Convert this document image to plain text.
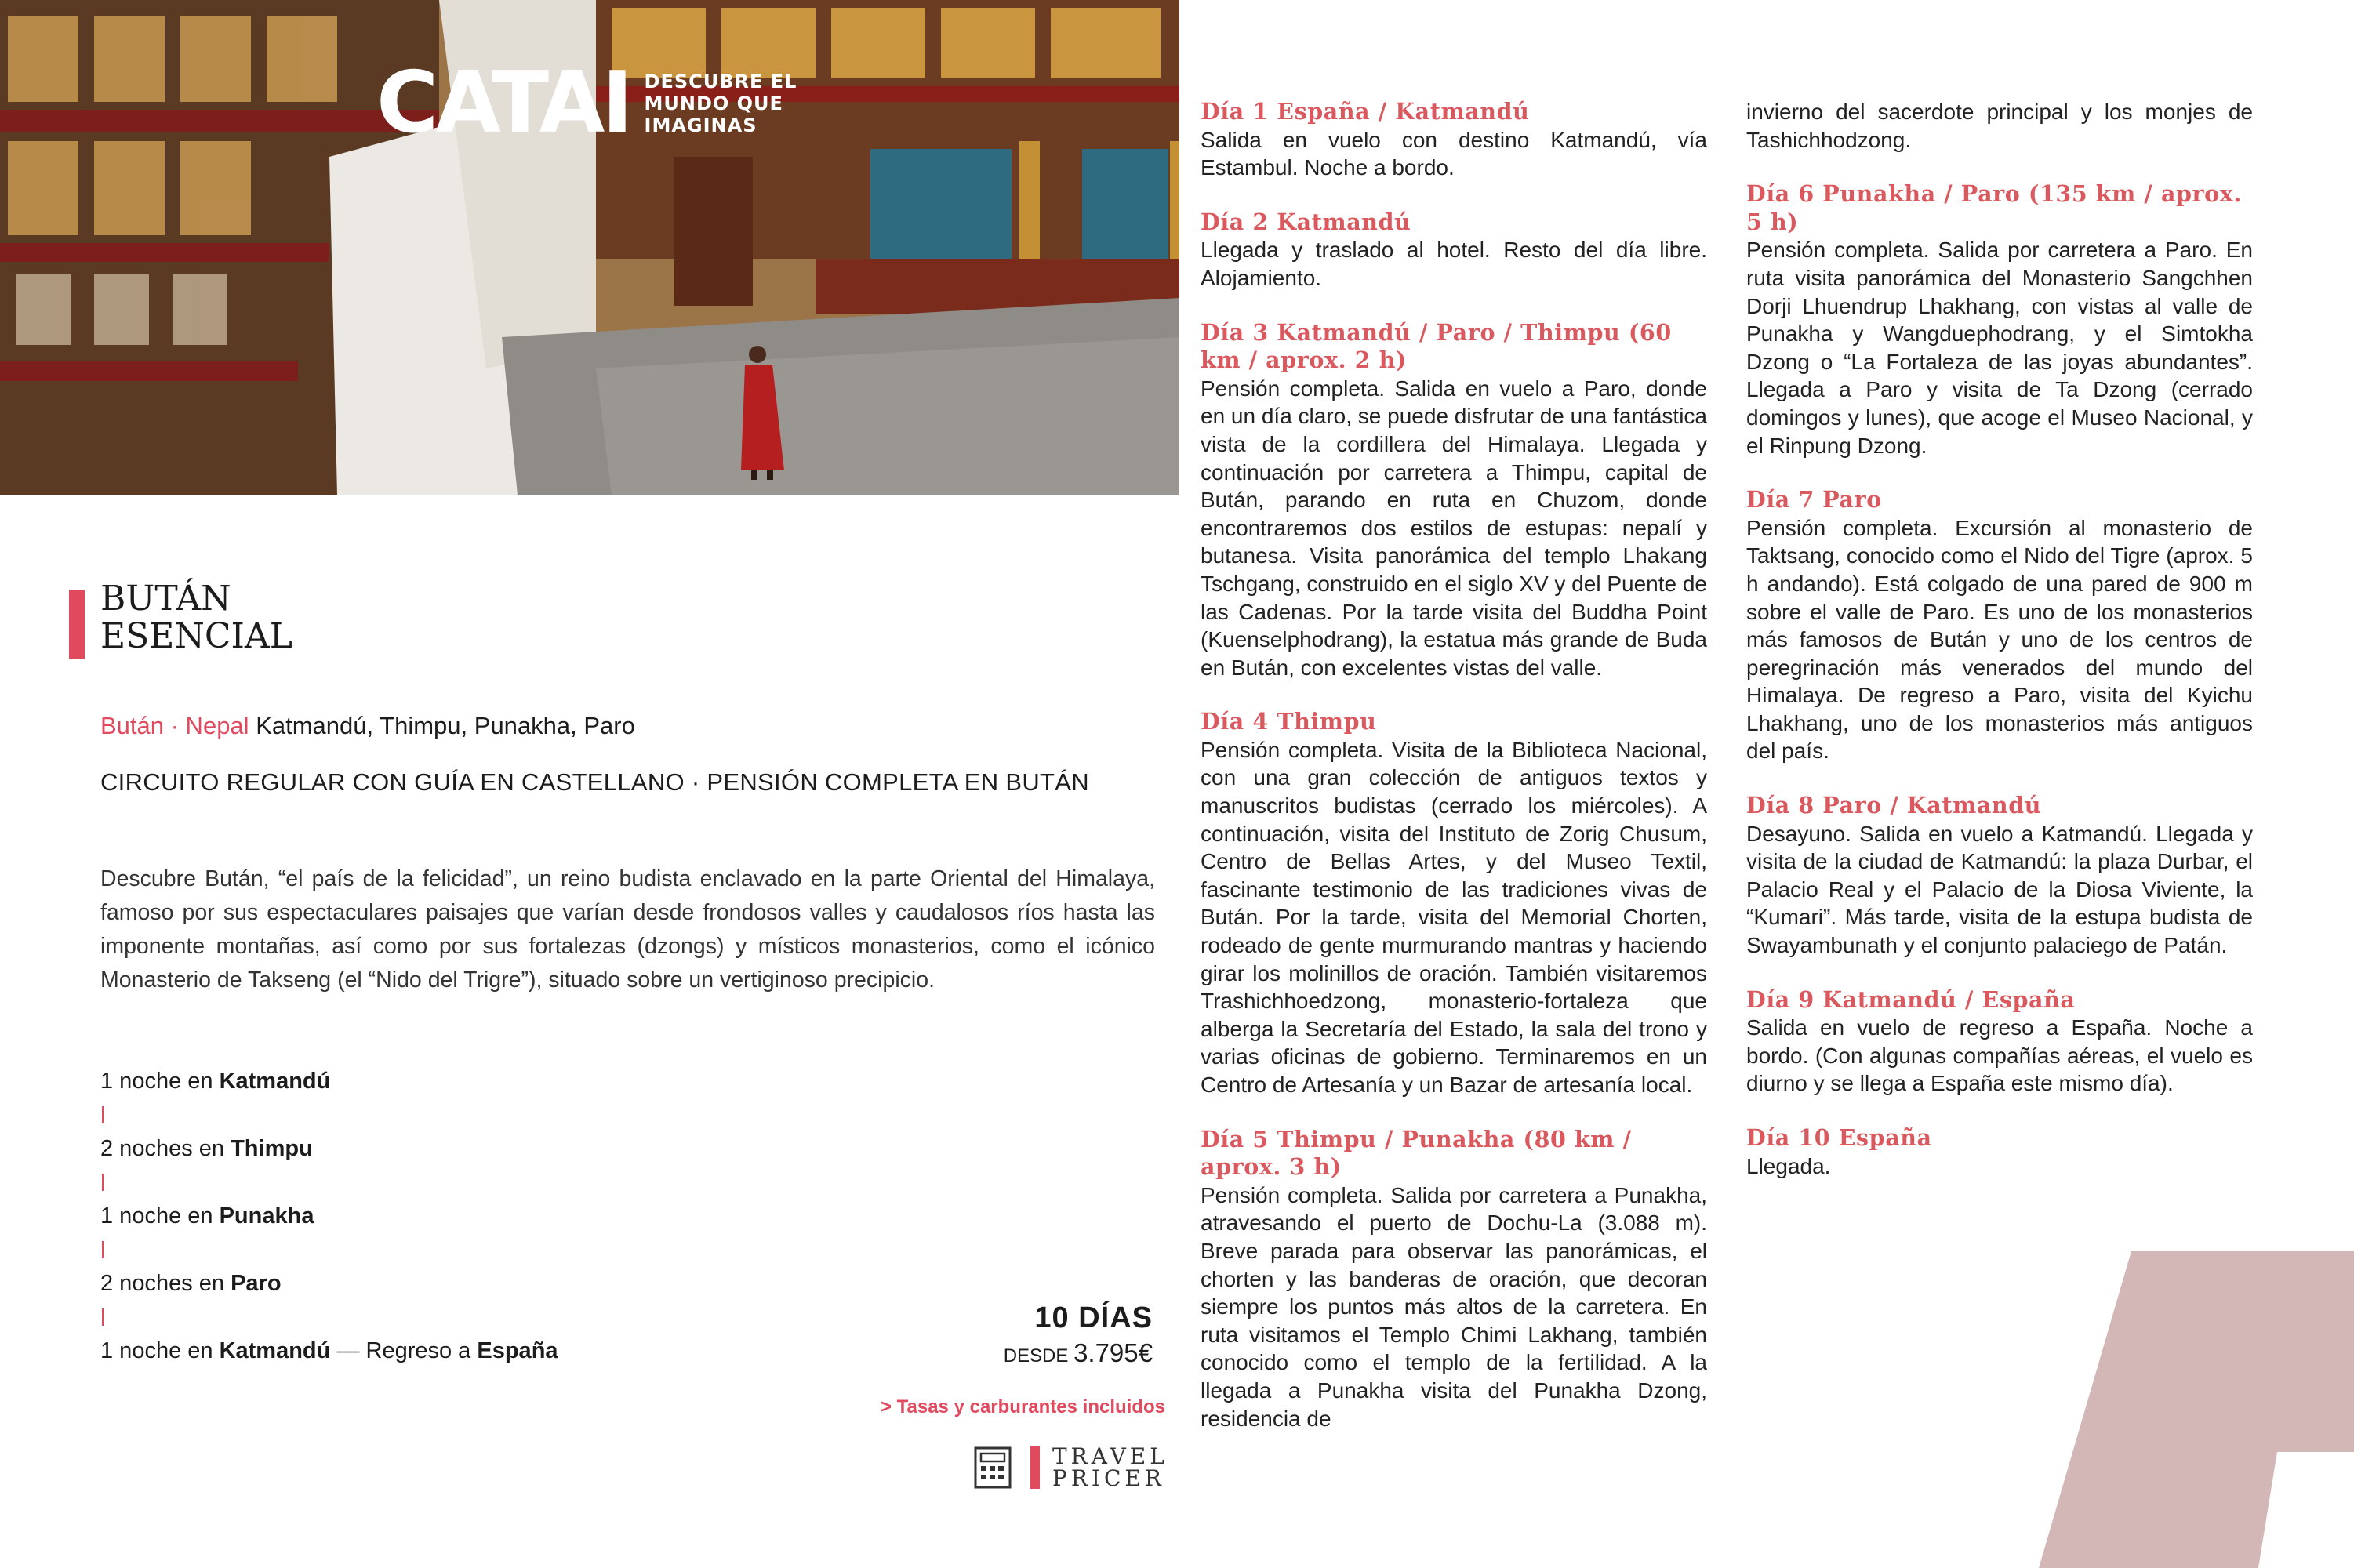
CATAI DESCUBRE EL
MUNDO QUE
IMAGINAS
BUTÁN
ESENCIAL
Bután · Nepal Katmandú, Thimpu, Punakha, Paro
CIRCUITO REGULAR CON GUÍA EN CASTELLANO · PENSIÓN COMPLETA EN BUTÁN
Descubre Bután, “el país de la felicidad”, un reino budista enclavado en la parte Oriental del Himalaya, famoso por sus espectaculares paisajes que varían desde frondosos valles y caudalosos ríos hasta las imponente montañas, así como por sus fortalezas (dzongs) y místicos monasterios, como el icónico Monasterio de Takseng (el “Nido del Trigre”), situado sobre un vertiginoso precipicio.
1 noche en Katmandú
2 noches en Thimpu
1 noche en Punakha
2 noches en Paro
1 noche en Katmandú — Regreso a España
10 DÍAS
DESDE 3.795€
> Tasas y carburantes incluidos
TRAVEL
PRICER
Día 1 España / Katmandú
Salida en vuelo con destino Katmandú, vía Estambul. Noche a bordo.
Día 2 Katmandú
Llegada y traslado al hotel. Resto del día libre. Alojamiento.
Día 3 Katmandú / Paro / Thimpu (60 km / aprox. 2 h)
Pensión completa. Salida en vuelo a Paro, donde en un día claro, se puede disfrutar de una fantástica vista de la cordillera del Himalaya. Llegada y continuación por carretera a Thimpu, capital de Bután, parando en ruta en Chuzom, donde encontraremos dos estilos de estupas: nepalí y butanesa. Visita panorámica del templo Lhakang Tschgang, construido en el siglo XV y del Puente de las Cadenas. Por la tarde visita del Buddha Point (Kuenselphodrang), la estatua más grande de Buda en Bután, con excelentes vistas del valle.
Día 4 Thimpu
Pensión completa. Visita de la Biblioteca Nacional, con una gran colección de antiguos textos y manuscritos budistas (cerrado los miércoles). A continuación, visita del Instituto de Zorig Chusum, Centro de Bellas Artes, y del Museo Textil, fascinante testimonio de las tradiciones vivas de Bután. Por la tarde, visita del Memorial Chorten, rodeado de gente murmurando mantras y haciendo girar los molinillos de oración. También visitaremos Trashichhoedzong, monasterio-fortaleza que alberga la Secretaría del Estado, la sala del trono y varias oficinas de gobierno. Terminaremos en un Centro de Artesanía y un Bazar de artesanía local.
Día 5 Thimpu / Punakha (80 km / aprox. 3 h)
Pensión completa. Salida por carretera a Punakha, atravesando el puerto de Dochu-La (3.088 m). Breve parada para observar las panorámicas, el chorten y las banderas de oración, que decoran siempre los puntos más altos de la carretera. En ruta visitamos el Templo Chimi Lakhang, también conocido como el templo de la fertilidad. A la llegada a Punakha visita del Punakha Dzong, residencia de
invierno del sacerdote principal y los monjes de Tashichhodzong.
Día 6 Punakha / Paro (135 km / aprox. 5 h)
Pensión completa. Salida por carretera a Paro. En ruta visita panorámica del Monasterio Sangchhen Dorji Lhuendrup Lhakhang, con vistas al valle de Punakha y Wangduephodrang, y el Simtokha Dzong o “La Fortaleza de las joyas abundantes”. Llegada a Paro y visita de Ta Dzong (cerrado domingos y lunes), que acoge el Museo Nacional, y el Rinpung Dzong.
Día 7 Paro
Pensión completa. Excursión al monasterio de Taktsang, conocido como el Nido del Tigre (aprox. 5 h andando). Está colgado de una pared de 900 m sobre el valle de Paro. Es uno de los monasterios más famosos de Bután y uno de los centros de peregrinación más venerados del mundo del Himalaya. De regreso a Paro, visita del Kyichu Lhakhang, uno de los monasterios más antiguos del país.
Día 8 Paro / Katmandú
Desayuno. Salida en vuelo a Katmandú. Llegada y visita de la ciudad de Katmandú: la plaza Durbar, el Palacio Real y el Palacio de la Diosa Viviente, la “Kumari”. Más tarde, visita de la estupa budista de Swayambunath y el conjunto palaciego de Patán.
Día 9 Katmandú / España
Salida en vuelo de regreso a España. Noche a bordo. (Con algunas compañías aéreas, el vuelo es diurno y se llega a España este mismo día).
Día 10 España
Llegada.
